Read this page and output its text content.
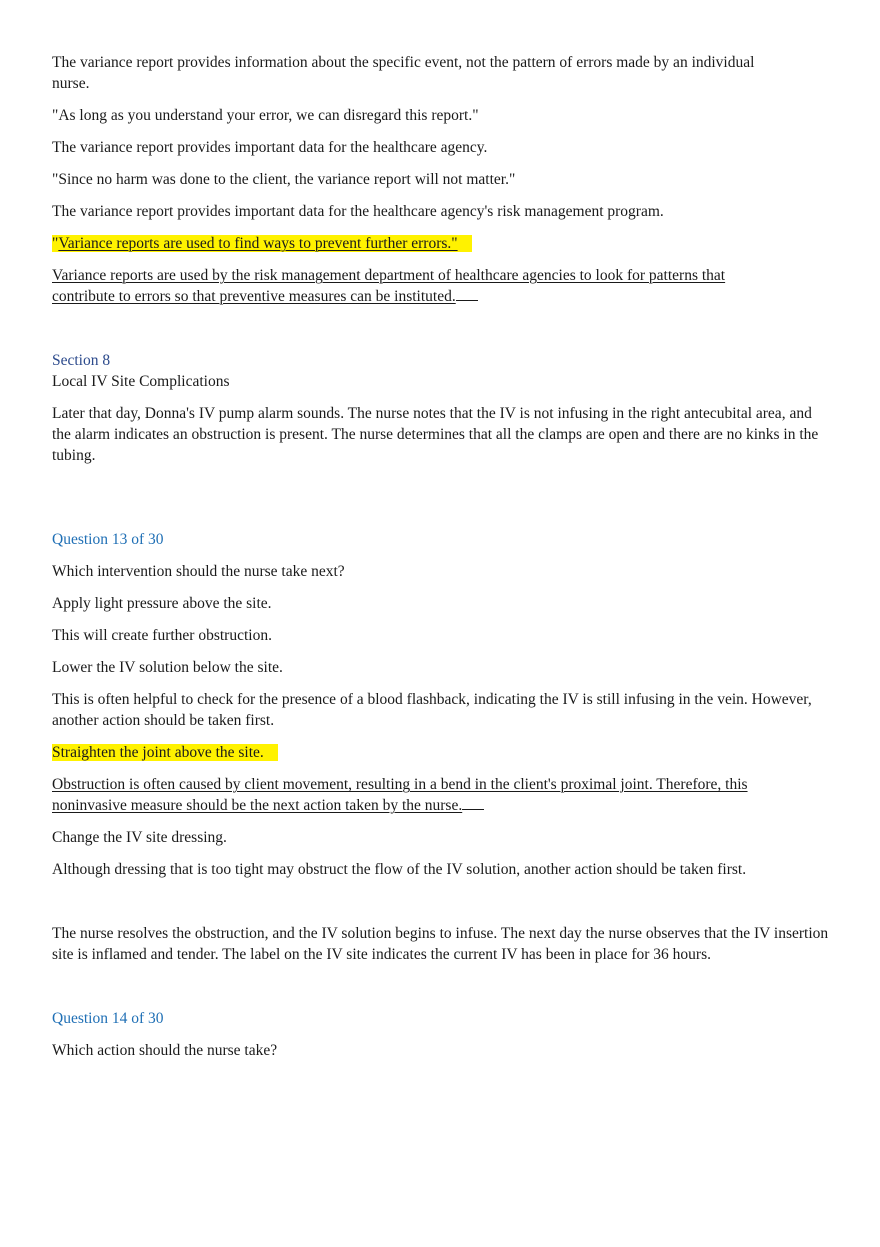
The variance report provides information about the specific event, not the pattern of errors made by an individual nurse.

"As long as you understand your error, we can disregard this report."

The variance report provides important data for the healthcare agency.

"Since no harm was done to the client, the variance report will not matter."

The variance report provides important data for the healthcare agency's risk management program.

"Variance reports are used to find ways to prevent further errors."

Variance reports are used by the risk management department of healthcare agencies to look for patterns that contribute to errors so that preventive measures can be instituted.

Section 8

Local IV Site Complications

Later that day, Donna's IV pump alarm sounds. The nurse notes that the IV is not infusing in the right antecubital area, and the alarm indicates an obstruction is present. The nurse determines that all the clamps are open and there are no kinks in the tubing.

Question 13 of 30

Which intervention should the nurse take next?

Apply light pressure above the site.

This will create further obstruction.

Lower the IV solution below the site.

This is often helpful to check for the presence of a blood flashback, indicating the IV is still infusing in the vein. However, another action should be taken first.

Straighten the joint above the site.

Obstruction is often caused by client movement, resulting in a bend in the client's proximal joint. Therefore, this noninvasive measure should be the next action taken by the nurse.

Change the IV site dressing.

Although dressing that is too tight may obstruct the flow of the IV solution, another action should be taken first.

The nurse resolves the obstruction, and the IV solution begins to infuse. The next day the nurse observes that the IV insertion site is inflamed and tender. The label on the IV site indicates the current IV has been in place for 36 hours.

Question 14 of 30

Which action should the nurse take?
